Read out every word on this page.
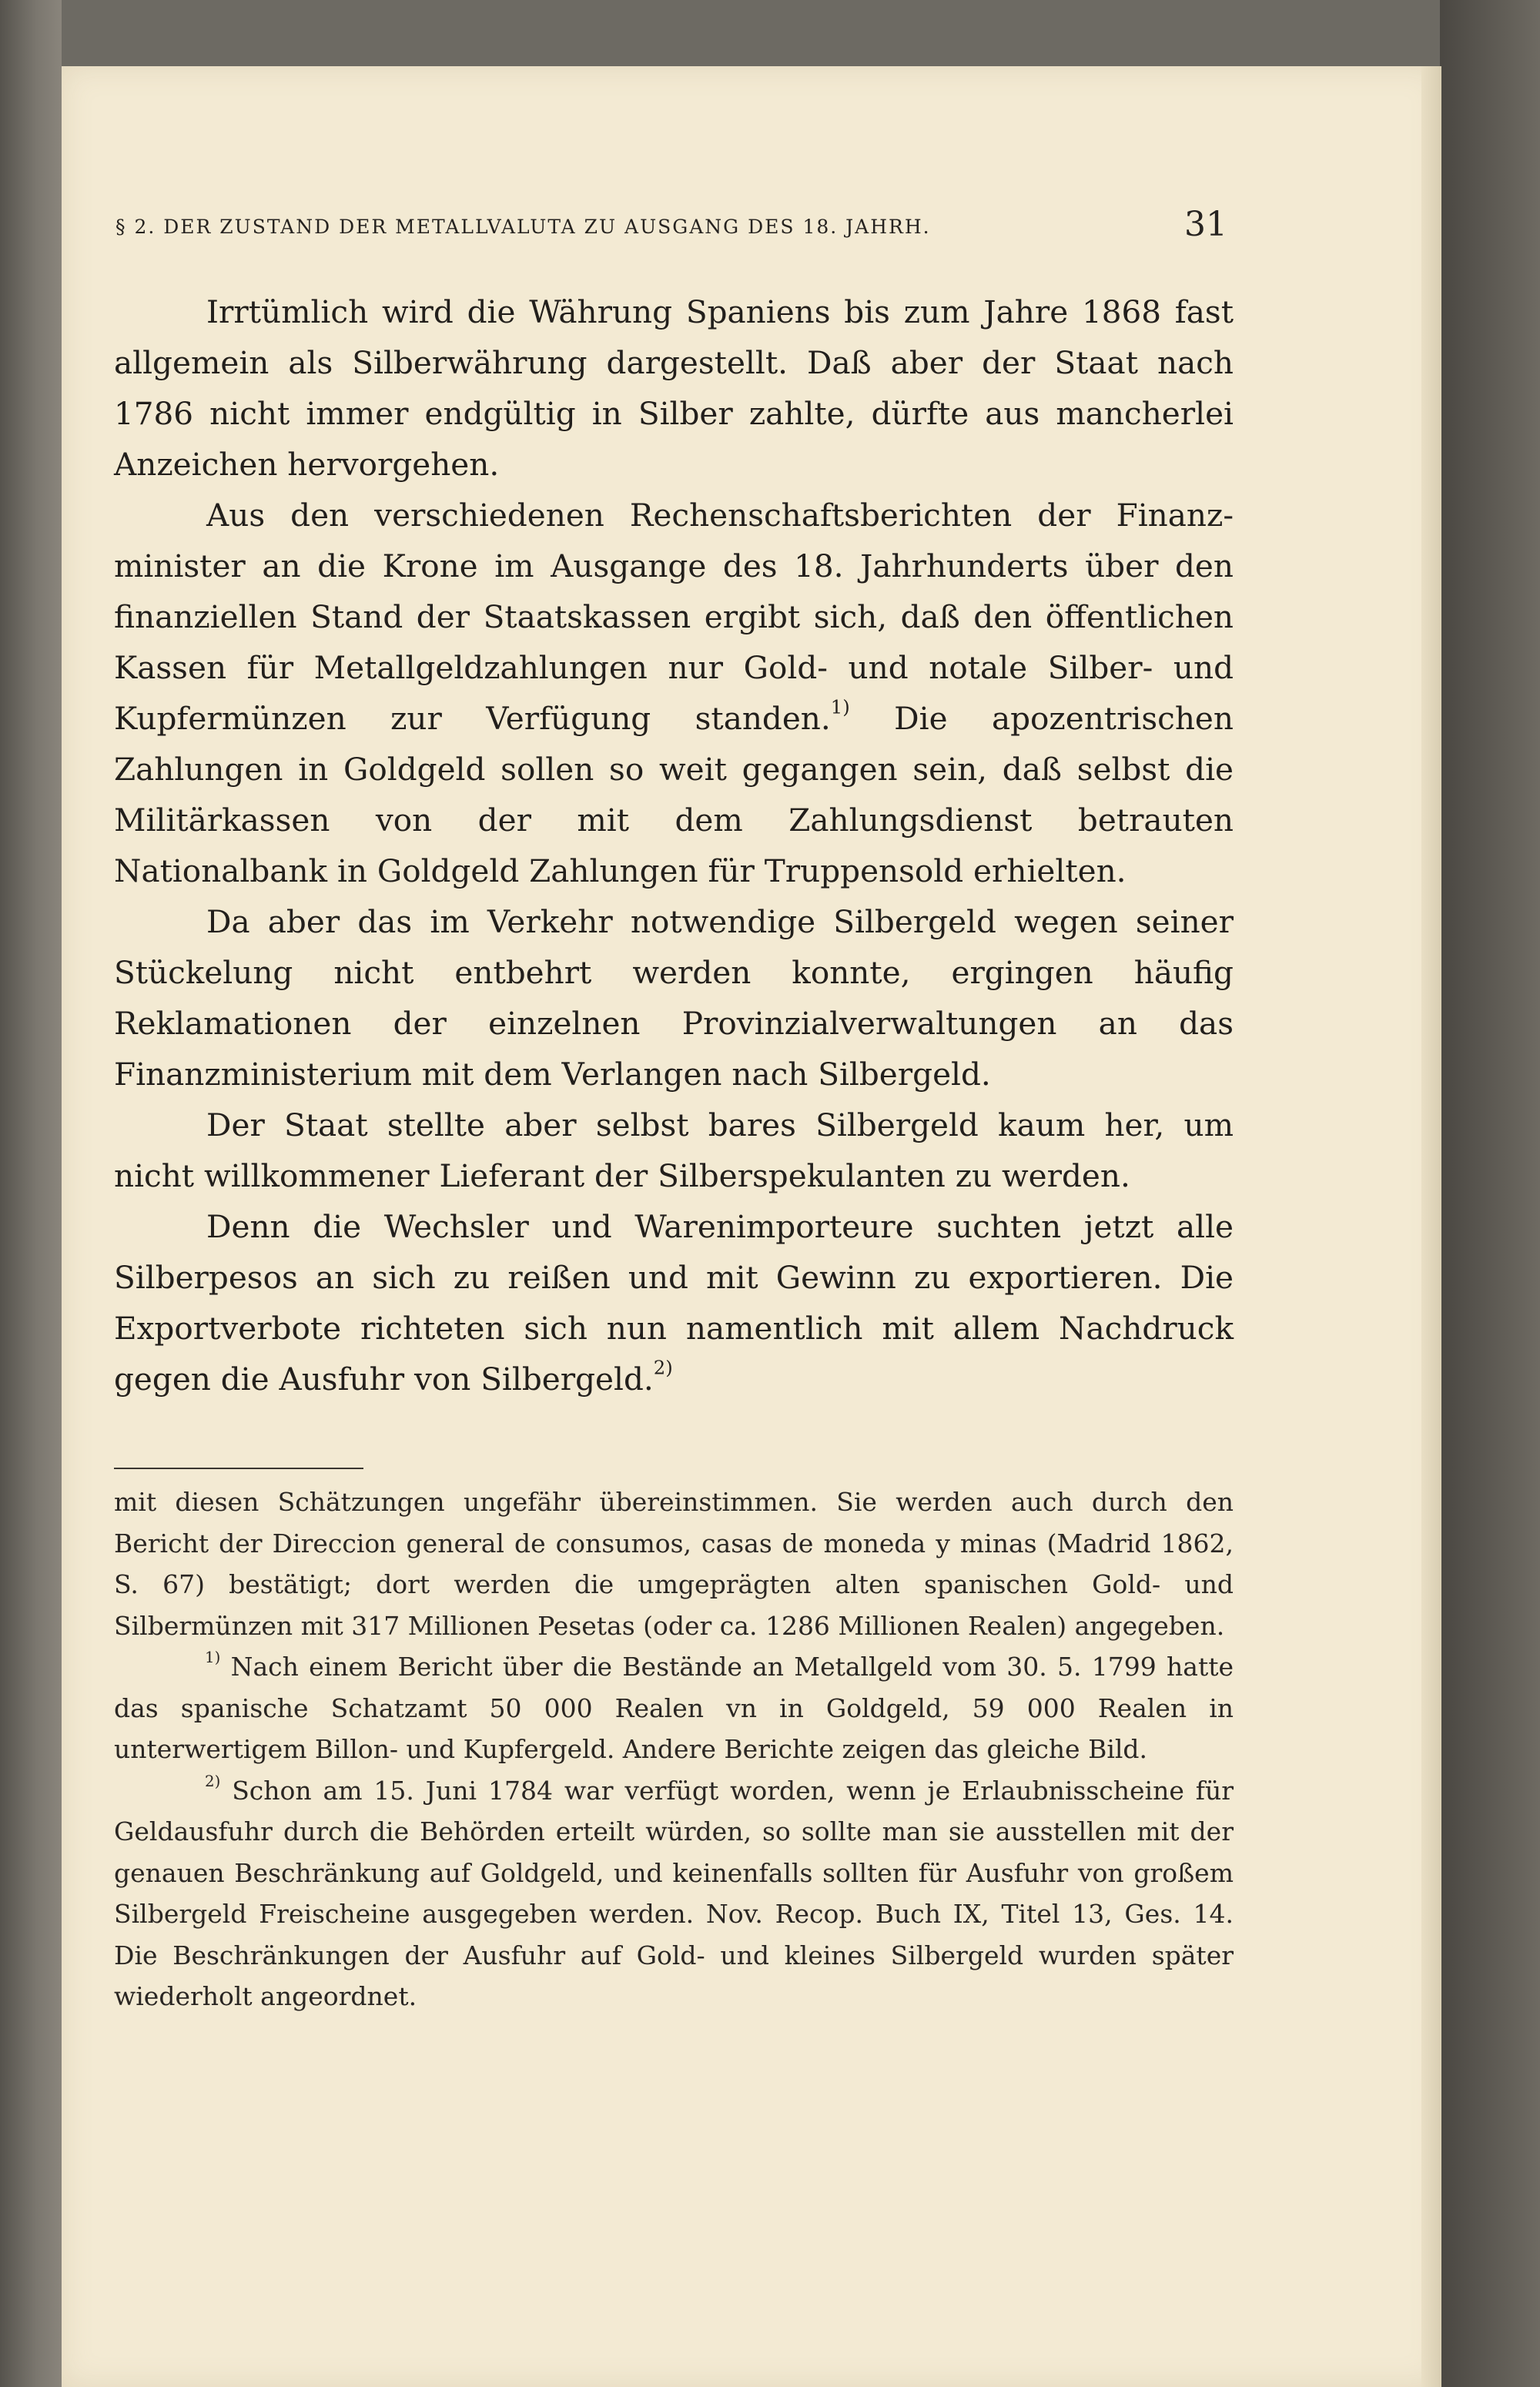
§ 2. DER ZUSTAND DER METALLVALUTA ZU AUSGANG DES 18. JAHRH.	31

Irrtümlich wird die Währung Spaniens bis zum Jahre 1868 fast allgemein als Silberwährung dargestellt. Daß aber der Staat nach 1786 nicht immer endgültig in Silber zahlte, dürfte aus mancherlei Anzeichen hervorgehen.

Aus den verschiedenen Rechenschaftsberichten der Finanzminister an die Krone im Ausgange des 18. Jahrhunderts über den finanziellen Stand der Staatskassen ergibt sich, daß den öffentlichen Kassen für Metallgeldzahlungen nur Gold- und notale Silber- und Kupfermünzen zur Verfügung standen.$^{1)}$ Die apozentrischen Zahlungen in Goldgeld sollen so weit gegangen sein, daß selbst die Militärkassen von der mit dem Zahlungsdienst betrauten Nationalbank in Goldgeld Zahlungen für Truppensold erhielten.

Da aber das im Verkehr notwendige Silbergeld wegen seiner Stückelung nicht entbehrt werden konnte, ergingen häufig Reklamationen der einzelnen Provinzialverwaltungen an das Finanzministerium mit dem Verlangen nach Silbergeld.

Der Staat stellte aber selbst bares Silbergeld kaum her, um nicht willkommener Lieferant der Silberspekulanten zu werden.

Denn die Wechsler und Warenimporteure suchten jetzt alle Silberpesos an sich zu reißen und mit Gewinn zu exportieren. Die Exportverbote richteten sich nun namentlich mit allem Nachdruck gegen die Ausfuhr von Silbergeld.$^{2)}$

mit diesen Schätzungen ungefähr übereinstimmen. Sie werden auch durch den Bericht der Direccion general de consumos, casas de moneda y minas (Madrid 1862, S. 67) bestätigt; dort werden die umgeprägten alten spanischen Gold- und Silbermünzen mit 317 Millionen Pesetas (oder ca. 1286 Millionen Realen) angegeben.

$^{1)}$ Nach einem Bericht über die Bestände an Metallgeld vom 30. 5. 1799 hatte das spanische Schatzamt 50 000 Realen vn in Goldgeld, 59 000 Realen in unterwertigem Billon- und Kupfergeld. Andere Berichte zeigen das gleiche Bild.

$^{2)}$ Schon am 15. Juni 1784 war verfügt worden, wenn je Erlaubnisscheine für Geldausfuhr durch die Behörden erteilt würden, so sollte man sie ausstellen mit der genauen Beschränkung auf Goldgeld, und keinenfalls sollten für Ausfuhr von großem Silbergeld Freischeine ausgegeben werden. Nov. Recop. Buch IX, Titel 13, Ges. 14. Die Beschränkungen der Ausfuhr auf Gold- und kleines Silbergeld wurden später wiederholt angeordnet.
